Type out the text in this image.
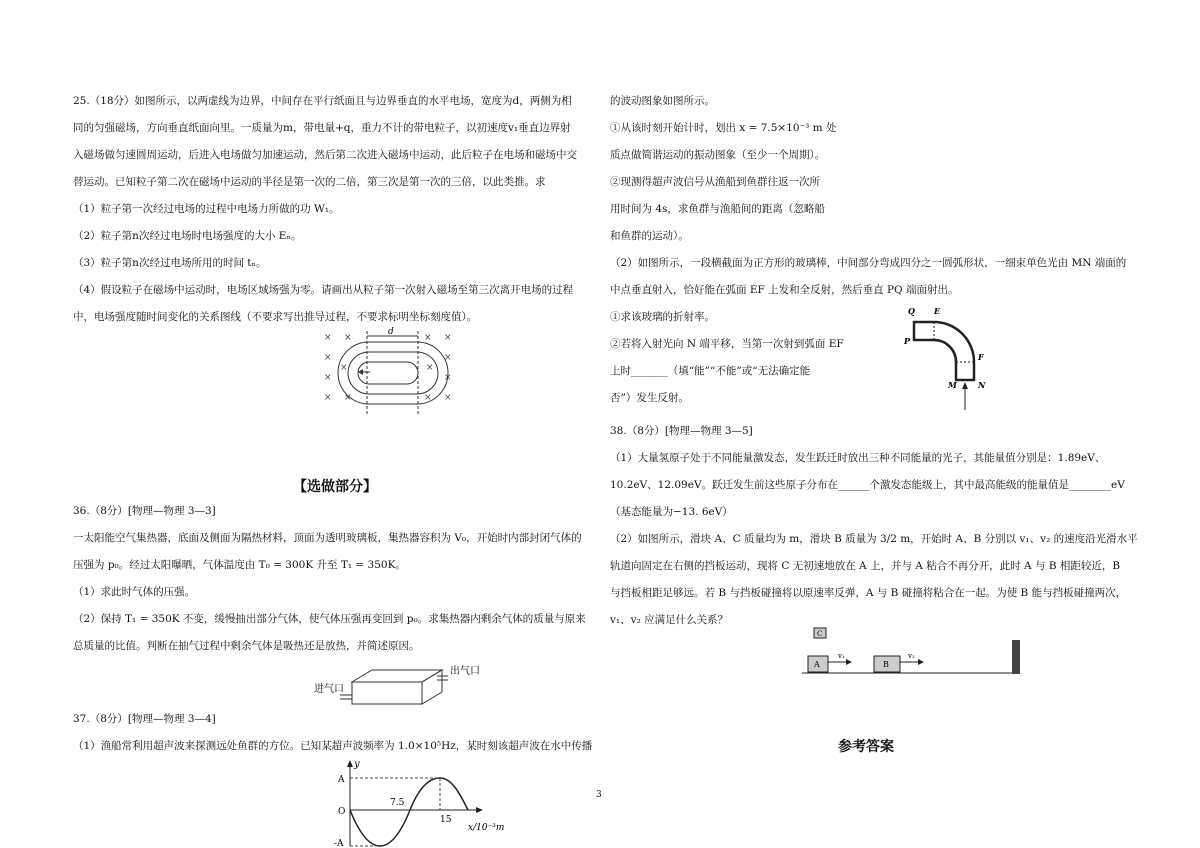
25.（18分）如图所示，以两虚线为边界，中间存在平行纸面且与边界垂直的水平电场，宽度为d，两侧为相
同的匀强磁场，方向垂直纸面向里。一质量为m，带电量+q，重力不计的带电粒子，以初速度v₁垂直边界射
入磁场做匀速圆周运动，后进入电场做匀加速运动，然后第二次进入磁场中运动，此后粒子在电场和磁场中交
替运动。已知粒子第二次在磁场中运动的半径是第一次的二倍，第三次是第一次的三倍，以此类推。求
（1）粒子第一次经过电场的过程中电场力所做的功 W₁。
（2）粒子第n次经过电场时电场强度的大小 Eₙ。
（3）粒子第n次经过电场所用的时间 tₙ。
（4）假设粒子在磁场中运动时，电场区域场强为零。请画出从粒子第一次射入磁场至第三次离开电场的过程
中，电场强度随时间变化的关系图线（不要求写出推导过程，不要求标明坐标刻度值）。
×
×
×
×
×
×
×
×
×
×
×
×
×	×
d
【选做部分】
36.（8分）[物理—物理 3—3]
一太阳能空气集热器，底面及侧面为隔热材料，顶面为透明玻璃板，集热器容积为 V₀，开始时内部封闭气体的
压强为 p₀。经过太阳曝晒，气体温度由 T₀ = 300K 升至 T₁ = 350K。
（1）求此时气体的压强。
（2）保持 T₁ = 350K 不变，缓慢抽出部分气体，使气体压强再变回到 p₀。求集热器内剩余气体的质量与原来
总质量的比值。判断在抽气过程中剩余气体是吸热还是放热，并简述原因。
进气口
出气口
37.（8分）[物理—物理 3—4]
（1）渔船常利用超声波来探测远处鱼群的方位。已知某超声波频率为 1.0×10⁵Hz，某时刻该超声波在水中传播
y
A
O
-A
7.5
15
x/10⁻³m
的波动图象如图所示。
①从该时刻开始计时，划出 x = 7.5×10⁻³ m 处
质点做简谐运动的振动图象（至少一个周期）。
②现测得超声波信号从渔船到鱼群往返一次所
用时间为 4s，求鱼群与渔船间的距离（忽略船
和鱼群的运动）。
（2）如图所示，一段横截面为正方形的玻璃棒，中间部分弯成四分之一圆弧形状，一细束单色光由 MN 端面的
中点垂直射入，恰好能在弧面 EF 上发和全反射，然后垂直 PQ 端面射出。
①求该玻璃的折射率。
②若将入射光向 N 端平移，当第一次射到弧面 EF
上时_______（填“能”“不能”或“无法确定能
否”）发生反射。
38.（8分）[物理—物理 3—5]
（1）大量氢原子处于不同能量激发态，发生跃迁时放出三种不同能量的光子，其能量值分别是：1.89eV、
10.2eV、12.09eV。跃迁发生前这些原子分布在______个激发态能级上，其中最高能级的能量值是________eV
（基态能量为−13. 6eV）
（2）如图所示，滑块 A、C 质量均为 m，滑块 B 质量为 3/2 m，开始时 A、B 分别以 v₁、v₂ 的速度沿光滑水平
轨道向固定在右侧的挡板运动，现将 C 无初速地放在 A 上，并与 A 粘合不再分开，此时 A 与 B 相距较近，B
与挡板相距足够远。若 B 与挡板碰撞将以原速率反弹，A 与 B 碰撞将粘合在一起。为使 B 能与挡板碰撞两次，
v₁、v₂ 应满足什么关系？
Q E
P
F
M	N
C
A
v₁
B
v₂
参考答案
3
